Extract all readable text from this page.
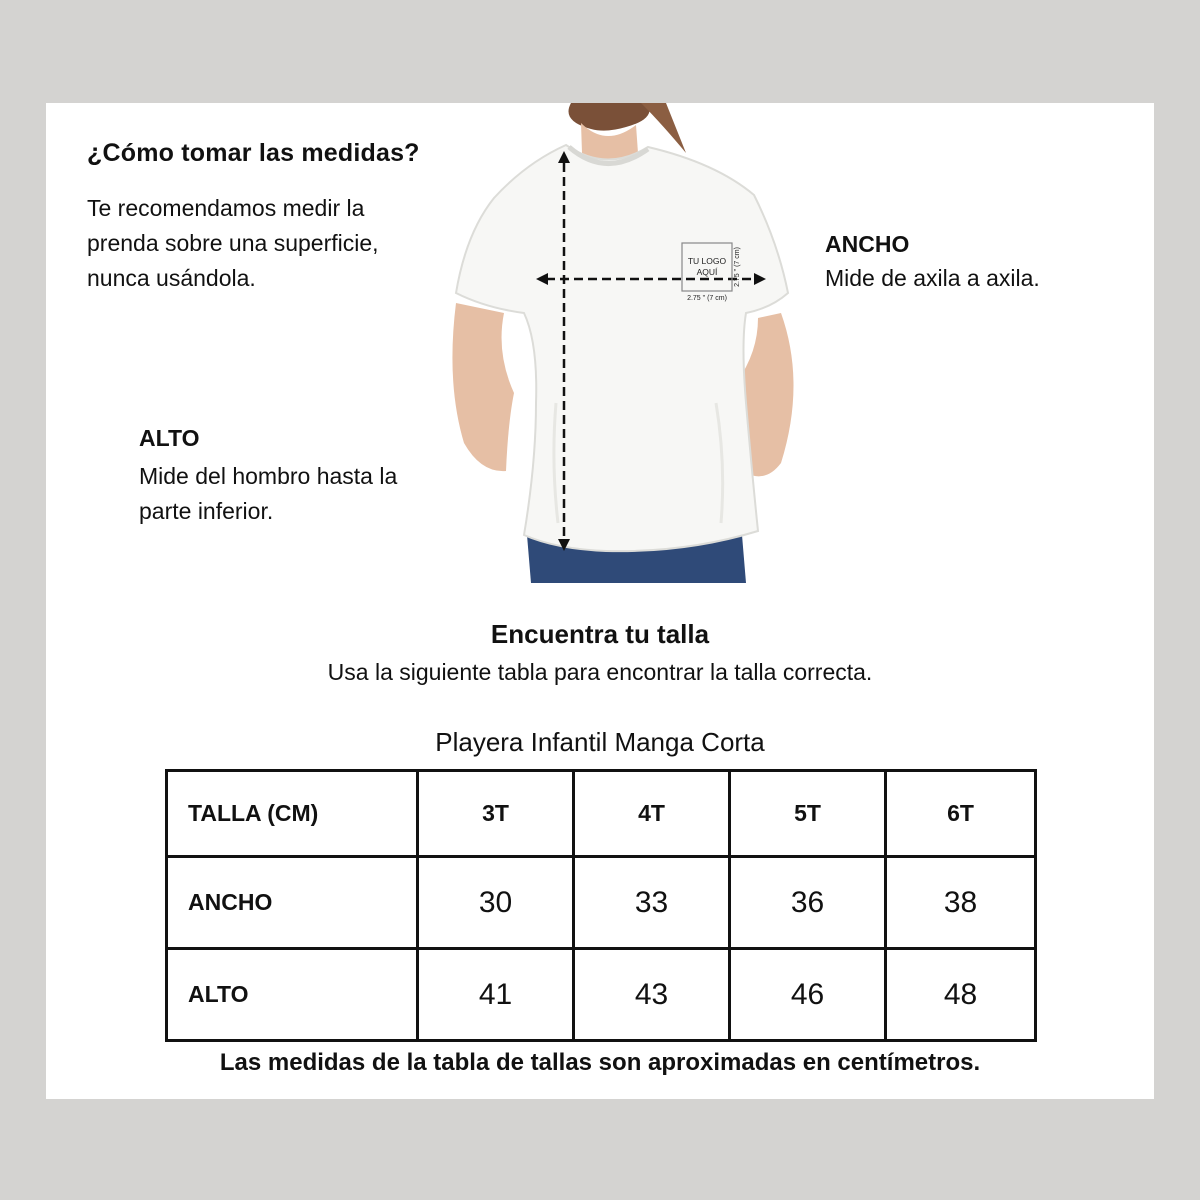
¿Cómo tomar las medidas?
Te recomendamos medir la prenda sobre una superficie, nunca usándola.
ANCHO
Mide de axila a axila.
ALTO
Mide del hombro hasta la parte inferior.
TU LOGO
AQUÍ
2.75 " (7 cm)
2.75 " (7 cm)
Encuentra tu talla
Usa la siguiente tabla para encontrar la talla correcta.
Playera Infantil Manga Corta
TALLA (CM)	3T	4T	5T	6T
ANCHO	30	33	36	38
ALTO	41	43	46	48
Las medidas de la tabla de tallas son aproximadas en centímetros.
